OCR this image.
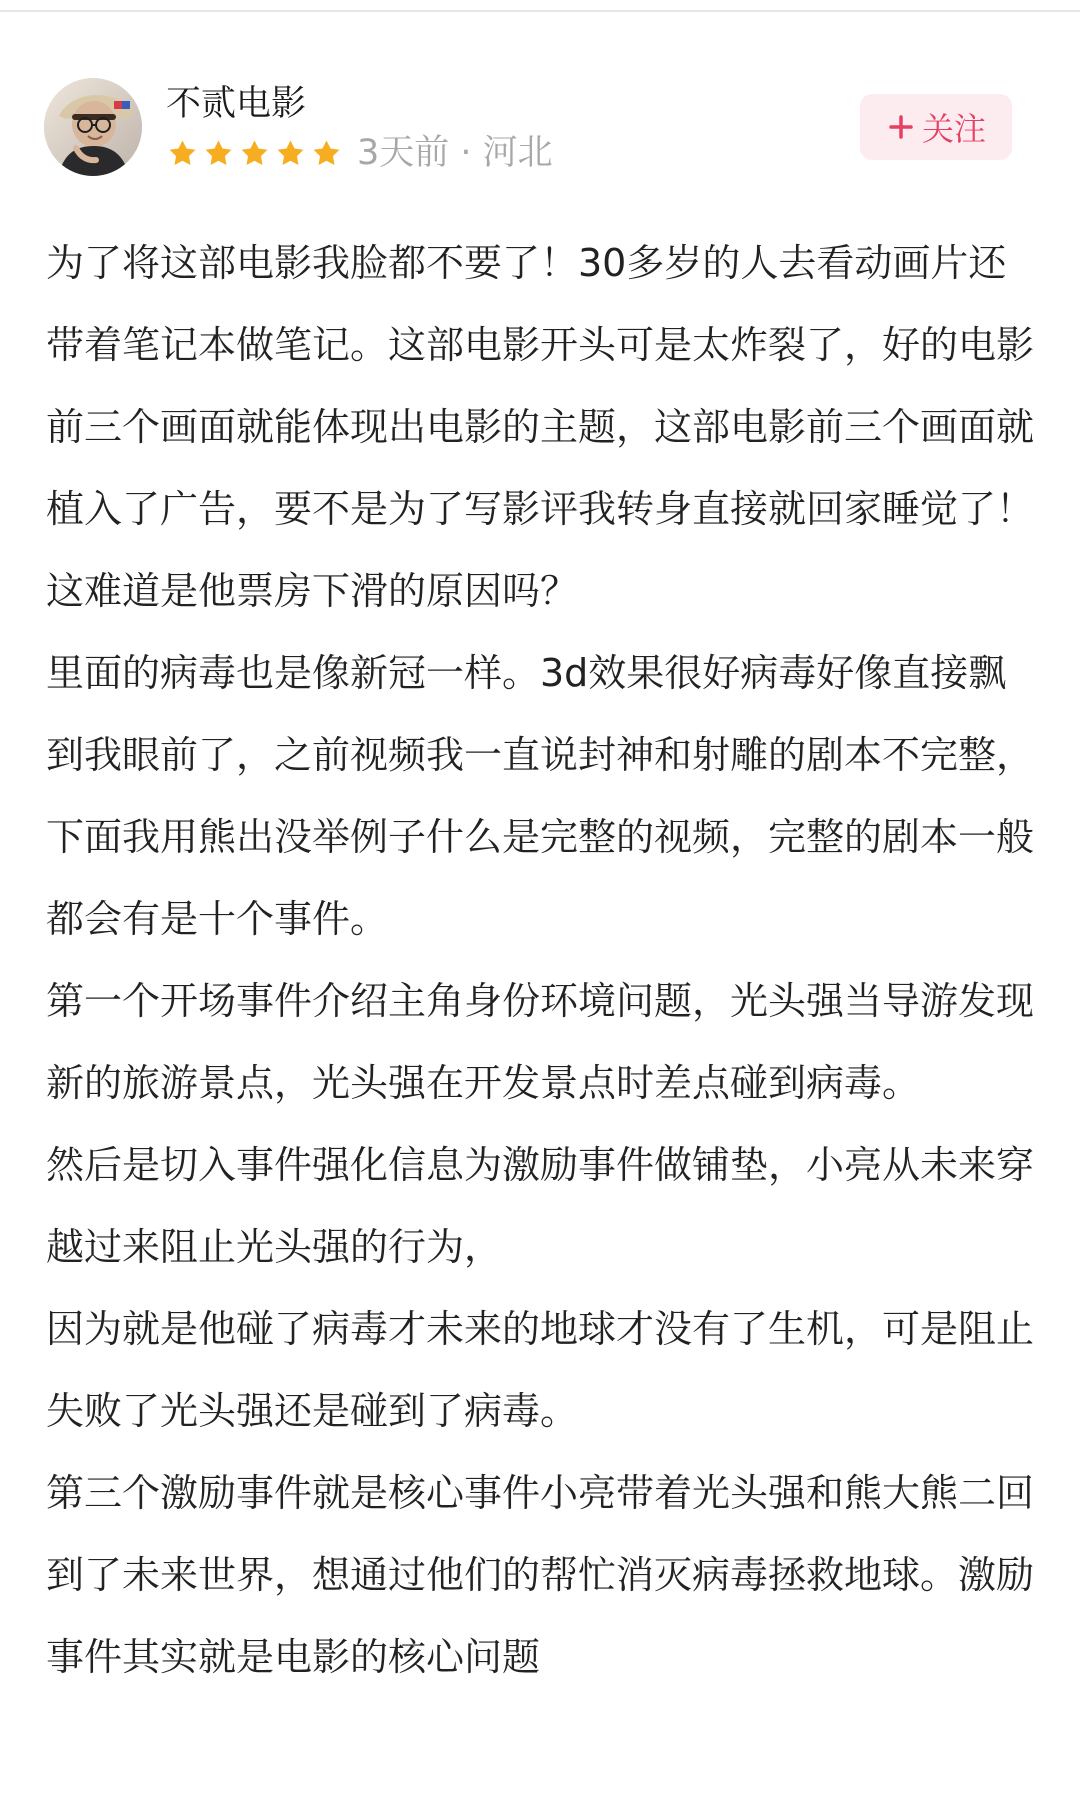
不贰电影
3天前 · 河北
关注

为了将这部电影我脸都不要了！30多岁的人去看动画片还带着笔记本做笔记。这部电影开头可是太炸裂了，好的电影前三个画面就能体现出电影的主题，这部电影前三个画面就植入了广告，要不是为了写影评我转身直接就回家睡觉了！这难道是他票房下滑的原因吗？

里面的病毒也是像新冠一样。3d效果很好病毒好像直接飘到我眼前了，之前视频我一直说封神和射雕的剧本不完整，下面我用熊出没举例子什么是完整的视频，完整的剧本一般都会有是十个事件。

第一个开场事件介绍主角身份环境问题，光头强当导游发现新的旅游景点，光头强在开发景点时差点碰到病毒。

然后是切入事件强化信息为激励事件做铺垫，小亮从未来穿越过来阻止光头强的行为，

因为就是他碰了病毒才未来的地球才没有了生机，可是阻止失败了光头强还是碰到了病毒。

第三个激励事件就是核心事件小亮带着光头强和熊大熊二回到了未来世界，想通过他们的帮忙消灭病毒拯救地球。激励事件其实就是电影的核心问题
